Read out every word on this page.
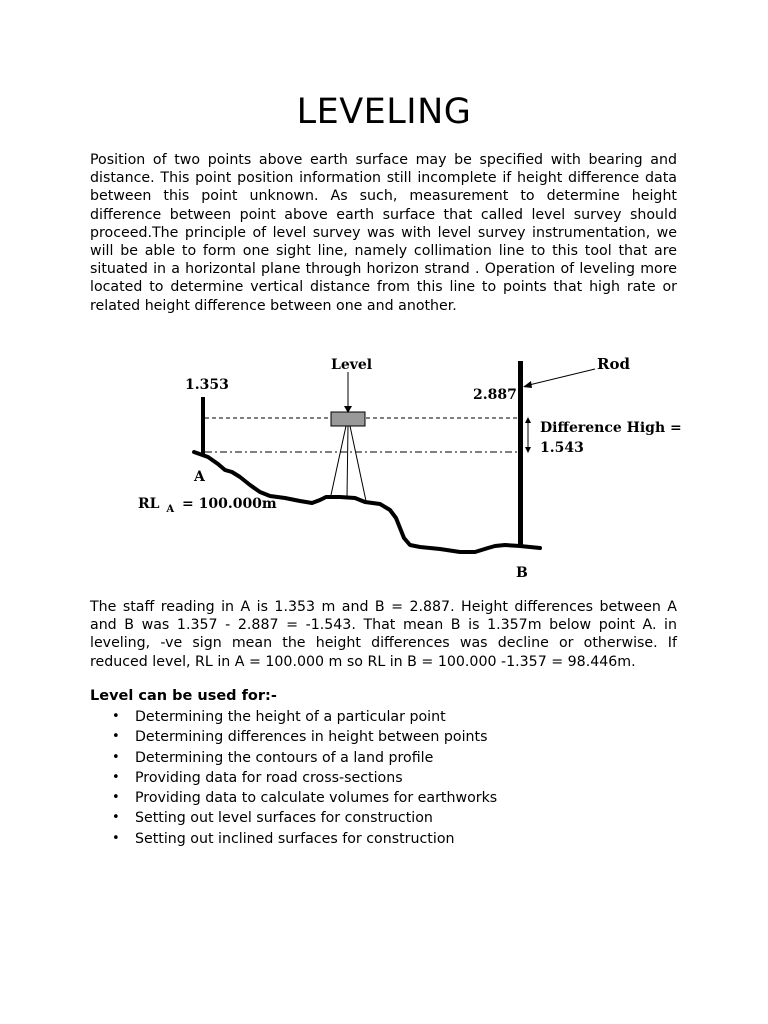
LEVELING

Position of two points above earth surface may be specified with bearing and distance. This point position information still incomplete if height difference data between this point unknown. As such, measurement to determine height difference between point above earth surface that called level survey should proceed.The principle of level survey was with level survey instrumentation, we will be able to form one sight line, namely collimation line to this tool that are situated in a horizontal plane through horizon strand . Operation of leveling more located to determine vertical distance from this line to points that high rate or related height difference between one and another.

1.353
2.887
Level	Rod
Difference High =
1.543
A
B
RL $_A$ = 100.000m

The staff reading in A is 1.353 m and B = 2.887. Height differences between A and B was 1.357 - 2.887 = -1.543. That mean B is 1.357m below point A. in leveling, -ve sign mean the height differences was decline or otherwise. If reduced level, RL in A = 100.000 m so RL in B = 100.000 -1.357 = 98.446m.

Level can be used for:-

• Determining the height of a particular point
• Determining differences in height between points
• Determining the contours of a land profile
• Providing data for road cross-sections
• Providing data to calculate volumes for earthworks
• Setting out level surfaces for construction
• Setting out inclined surfaces for construction
